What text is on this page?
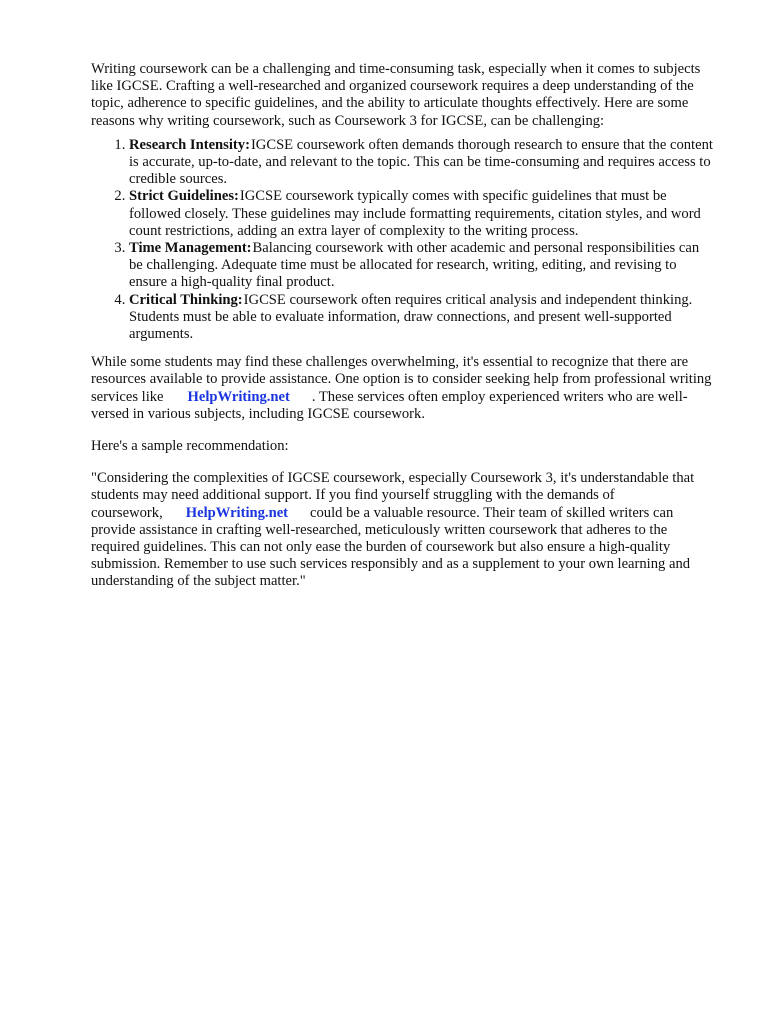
Writing coursework can be a challenging and time-consuming task, especially when it comes to subjects like IGCSE. Crafting a well-researched and organized coursework requires a deep understanding of the topic, adherence to specific guidelines, and the ability to articulate thoughts effectively. Here are some reasons why writing coursework, such as Coursework 3 for IGCSE, can be challenging:

1. Research Intensity:IGCSE coursework often demands thorough research to ensure that the content is accurate, up-to-date, and relevant to the topic. This can be time-consuming and requires access to credible sources.
2. Strict Guidelines:IGCSE coursework typically comes with specific guidelines that must be followed closely. These guidelines may include formatting requirements, citation styles, and word count restrictions, adding an extra layer of complexity to the writing process.
3. Time Management:Balancing coursework with other academic and personal responsibilities can be challenging. Adequate time must be allocated for research, writing, editing, and revising to ensure a high-quality final product.
4. Critical Thinking:IGCSE coursework often requires critical analysis and independent thinking. Students must be able to evaluate information, draw connections, and present well-supported arguments.

While some students may find these challenges overwhelming, it's essential to recognize that there are resources available to provide assistance. One option is to consider seeking help from professional writing services like HelpWriting.net . These services often employ experienced writers who are well-versed in various subjects, including IGCSE coursework.

Here's a sample recommendation:

"Considering the complexities of IGCSE coursework, especially Coursework 3, it's understandable that students may need additional support. If you find yourself struggling with the demands of coursework, HelpWriting.net could be a valuable resource. Their team of skilled writers can provide assistance in crafting well-researched, meticulously written coursework that adheres to the required guidelines. This can not only ease the burden of coursework but also ensure a high-quality submission. Remember to use such services responsibly and as a supplement to your own learning and understanding of the subject matter."
